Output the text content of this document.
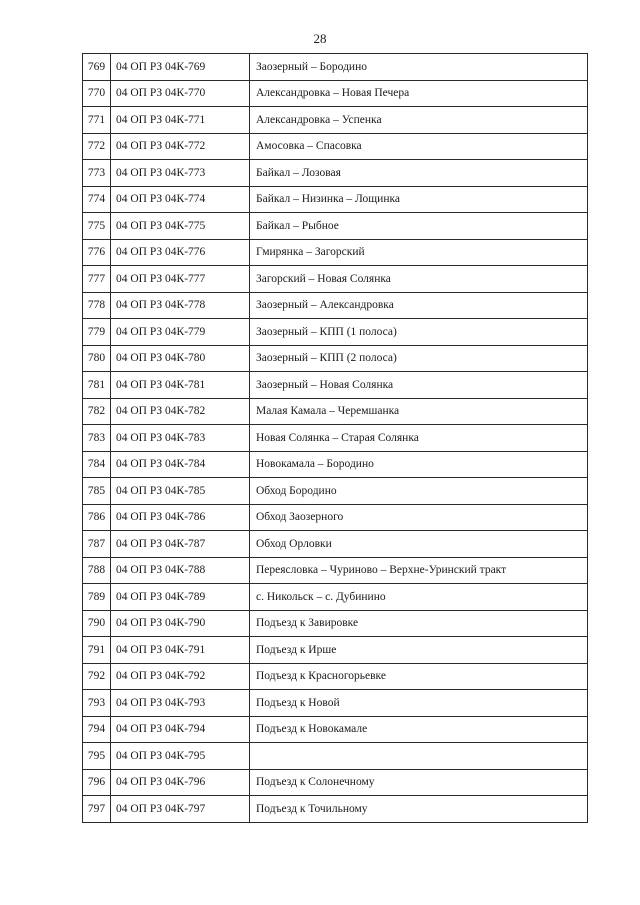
28
769	04 ОП РЗ 04К-769	Заозерный – Бородино
770	04 ОП РЗ 04К-770	Александровка – Новая Печера
771	04 ОП РЗ 04К-771	Александровка – Успенка
772	04 ОП РЗ 04К-772	Амосовка – Спасовка
773	04 ОП РЗ 04К-773	Байкал – Лозовая
774	04 ОП РЗ 04К-774	Байкал – Низинка – Лощинка
775	04 ОП РЗ 04К-775	Байкал – Рыбное
776	04 ОП РЗ 04К-776	Гмирянка – Загорский
777	04 ОП РЗ 04К-777	Загорский – Новая Солянка
778	04 ОП РЗ 04К-778	Заозерный – Александровка
779	04 ОП РЗ 04К-779	Заозерный – КПП (1 полоса)
780	04 ОП РЗ 04К-780	Заозерный – КПП (2 полоса)
781	04 ОП РЗ 04К-781	Заозерный – Новая Солянка
782	04 ОП РЗ 04К-782	Малая Камала – Черемшанка
783	04 ОП РЗ 04К-783	Новая Солянка – Старая Солянка
784	04 ОП РЗ 04К-784	Новокамала – Бородино
785	04 ОП РЗ 04К-785	Обход Бородино
786	04 ОП РЗ 04К-786	Обход Заозерного
787	04 ОП РЗ 04К-787	Обход Орловки
788	04 ОП РЗ 04К-788	Переясловка – Чуриново – Верхне-Уринский тракт
789	04 ОП РЗ 04К-789	с. Никольск – с. Дубинино
790	04 ОП РЗ 04К-790	Подъезд к Завировке
791	04 ОП РЗ 04К-791	Подъезд к Ирше
792	04 ОП РЗ 04К-792	Подъезд к Красногорьевке
793	04 ОП РЗ 04К-793	Подъезд к Новой
794	04 ОП РЗ 04К-794	Подъезд к Новокамале
795	04 ОП РЗ 04К-795	
796	04 ОП РЗ 04К-796	Подъезд к Солонечному
797	04 ОП РЗ 04К-797	Подъезд к Точильному
